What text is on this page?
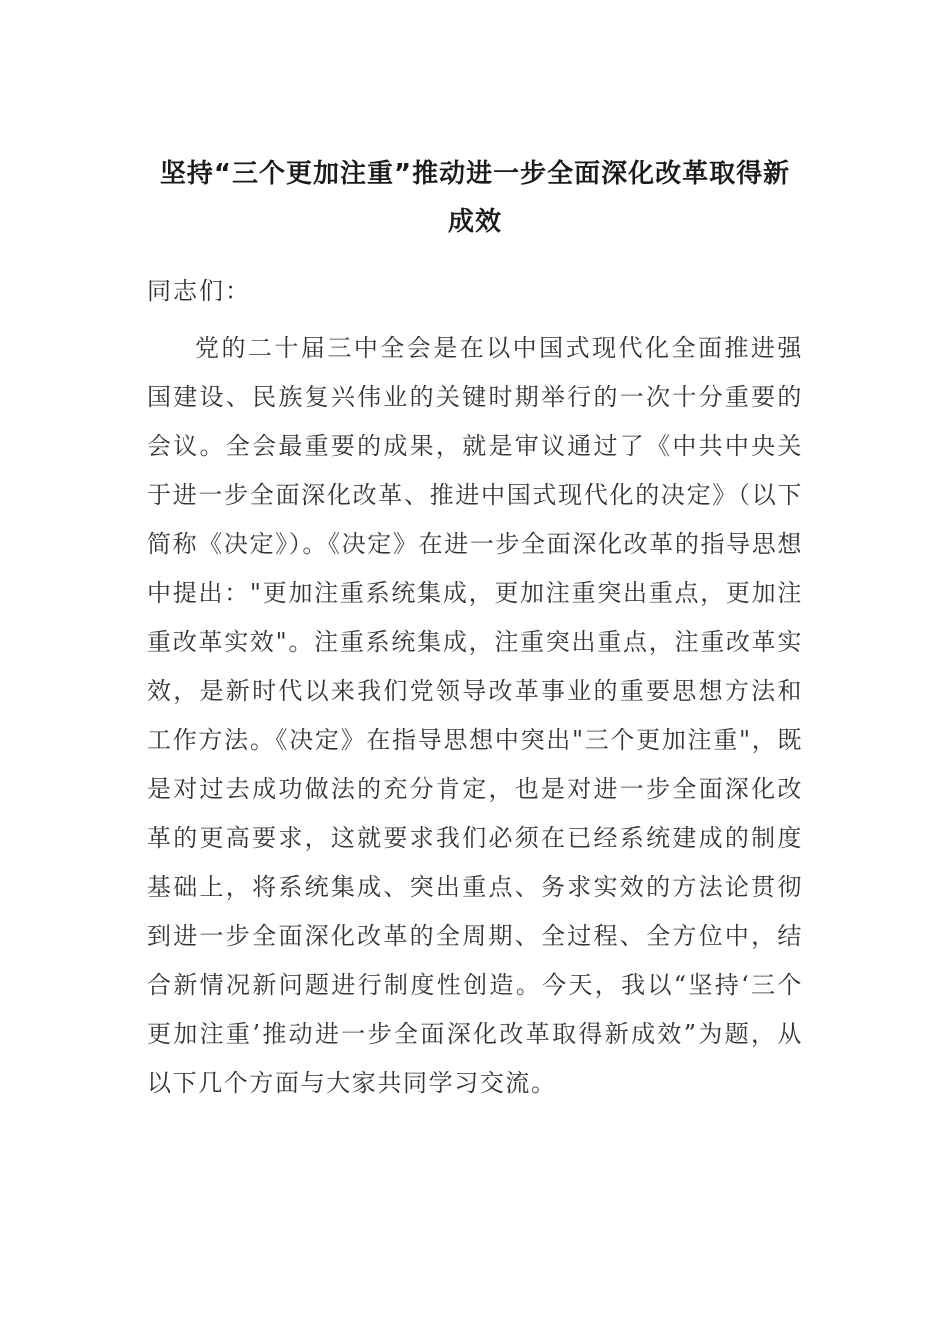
坚持“三个更加注重”推动进一步全面深化改革取得新成效

同志们：

党的二十届三中全会是在以中国式现代化全面推进强国建设、民族复兴伟业的关键时期举行的一次十分重要的会议。全会最重要的成果，就是审议通过了《中共中央关于进一步全面深化改革、推进中国式现代化的决定》（以下简称《决定》）。《决定》在进一步全面深化改革的指导思想中提出："更加注重系统集成，更加注重突出重点，更加注重改革实效"。注重系统集成，注重突出重点，注重改革实效，是新时代以来我们党领导改革事业的重要思想方法和工作方法。《决定》在指导思想中突出"三个更加注重"，既是对过去成功做法的充分肯定，也是对进一步全面深化改革的更高要求，这就要求我们必须在已经系统建成的制度基础上，将系统集成、突出重点、务求实效的方法论贯彻到进一步全面深化改革的全周期、全过程、全方位中，结合新情况新问题进行制度性创造。今天，我以“坚持‘三个更加注重’推动进一步全面深化改革取得新成效”为题，从以下几个方面与大家共同学习交流。
